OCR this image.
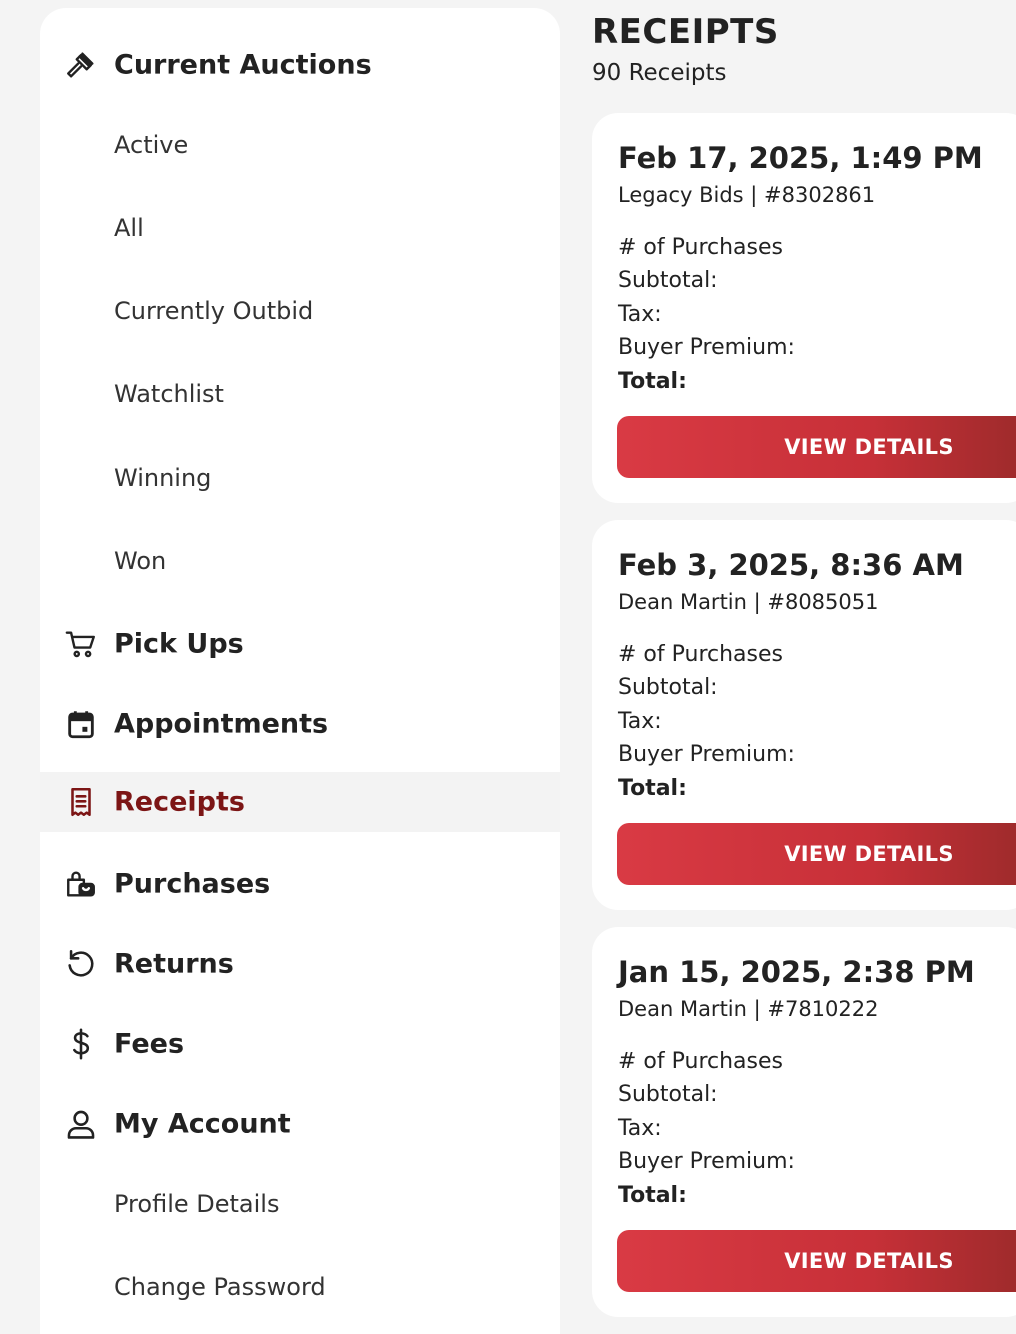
Current Auctions
Active
All
Currently Outbid
Watchlist
Winning
Won
Pick Ups
Appointments
Receipts
Purchases
Returns
Fees
My Account
Profile Details
Change Password
RECEIPTS
90 Receipts
Feb 17, 2025, 1:49 PM
Legacy Bids | #8302861
# of Purchases
Subtotal:
Tax:
Buyer Premium:
Total:
VIEW DETAILS
Feb 3, 2025, 8:36 AM
Dean Martin | #8085051
# of Purchases
Subtotal:
Tax:
Buyer Premium:
Total:
VIEW DETAILS
Jan 15, 2025, 2:38 PM
Dean Martin | #7810222
# of Purchases
Subtotal:
Tax:
Buyer Premium:
Total:
VIEW DETAILS
